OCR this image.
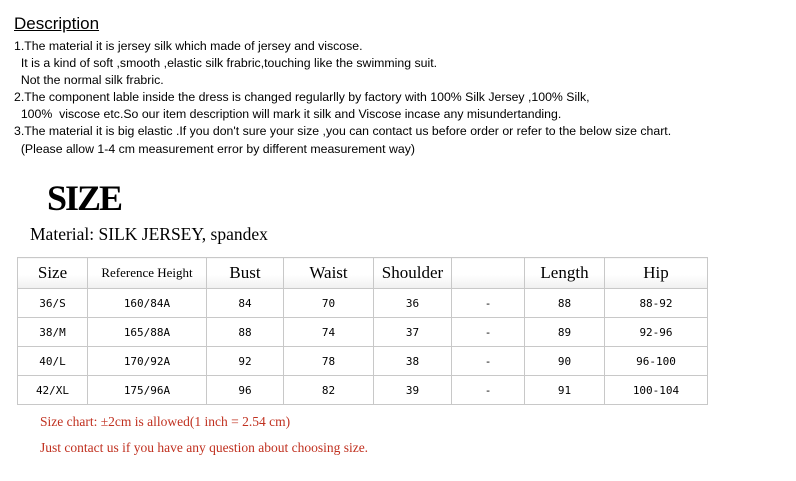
Description
1.The material it is jersey silk which made of jersey and viscose.
It is a kind of soft ,smooth ,elastic silk frabric,touching like the swimming suit.
Not the normal silk frabric.
2.The component lable inside the dress is changed regularlly by factory with 100% Silk Jersey ,100% Silk,
100%  viscose etc.So our item description will mark it silk and Viscose incase any misundertanding.
3.The material it is big elastic .If you don't sure your size ,you can contact us before order or refer to the below size chart.
(Please allow 1-4 cm measurement error by different measurement way)
SIZE
Material: SILK JERSEY, spandex
Size	Reference Height	Bust	Waist	Shoulder		Length	Hip
36/S	160/84A	84	70	36	-	88	88-92
38/M	165/88A	88	74	37	-	89	92-96
40/L	170/92A	92	78	38	-	90	96-100
42/XL	175/96A	96	82	39	-	91	100-104
Size chart: ±2cm is allowed(1 inch = 2.54 cm)
Just contact us if you have any question about choosing size.
